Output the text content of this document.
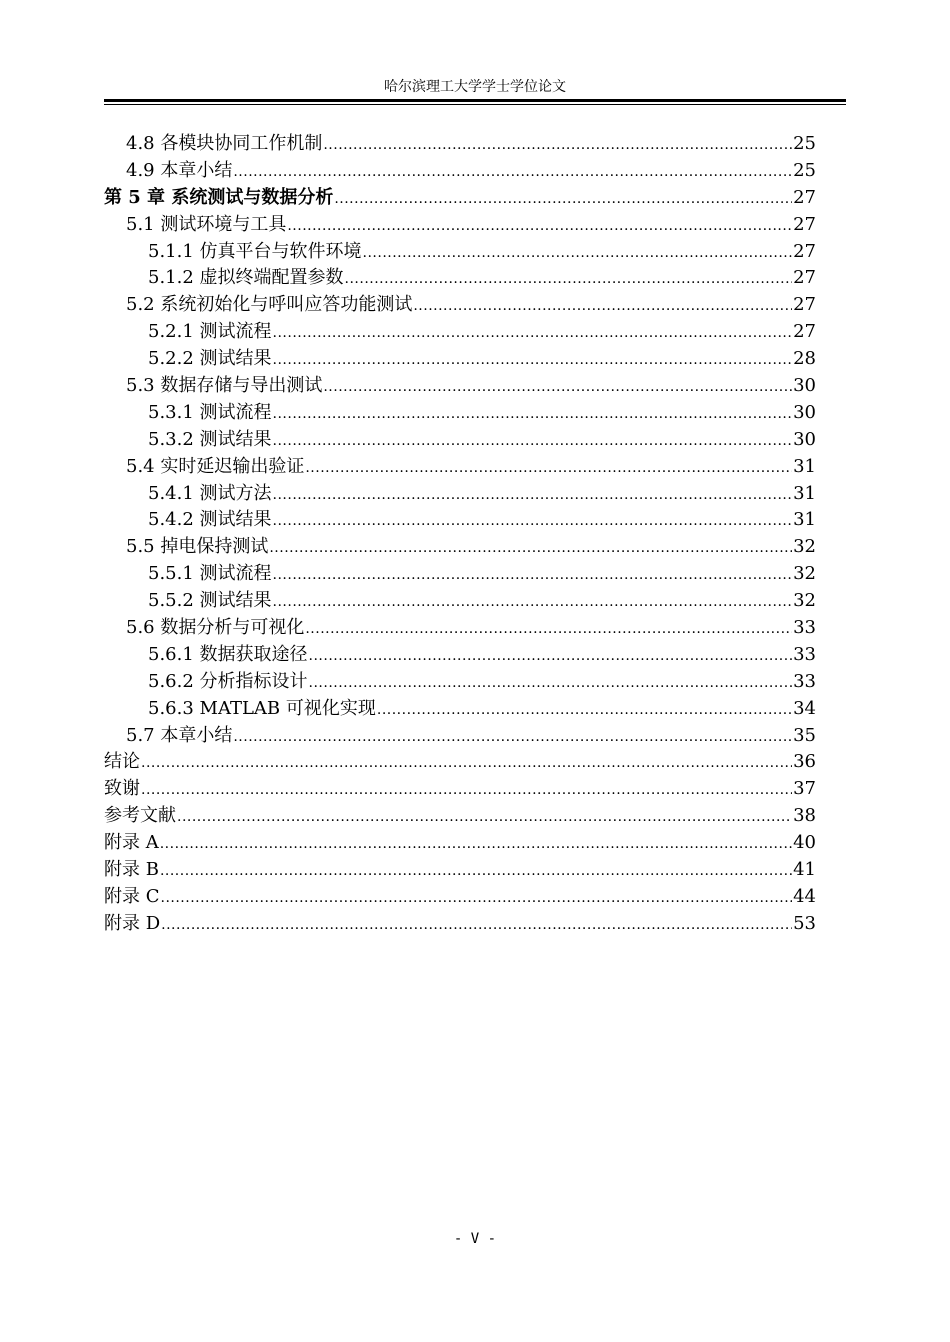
哈尔滨理工大学学士学位论文
4.8 各模块协同工作机制 .....	25
4.9 本章小结 .....	25
第 5 章 系统测试与数据分析 .....	27
5.1 测试环境与工具 .....	27
5.1.1 仿真平台与软件环境 .....	27
5.1.2 虚拟终端配置参数 .....	27
5.2 系统初始化与呼叫应答功能测试 .....	27
5.2.1 测试流程 .....	27
5.2.2 测试结果 .....	28
5.3 数据存储与导出测试 .....	30
5.3.1 测试流程 .....	30
5.3.2 测试结果 .....	30
5.4 实时延迟输出验证 .....	31
5.4.1 测试方法 .....	31
5.4.2 测试结果 .....	31
5.5 掉电保持测试 .....	32
5.5.1 测试流程 .....	32
5.5.2 测试结果 .....	32
5.6 数据分析与可视化 .....	33
5.6.1 数据获取途径 .....	33
5.6.2 分析指标设计 .....	33
5.6.3 MATLAB 可视化实现 .....	34
5.7 本章小结 .....	35
结论 .....	36
致谢 .....	37
参考文献 .....	38
附录 A .....	40
附录 B .....	41
附录 C .....	44
附录 D .....	53
- V -
